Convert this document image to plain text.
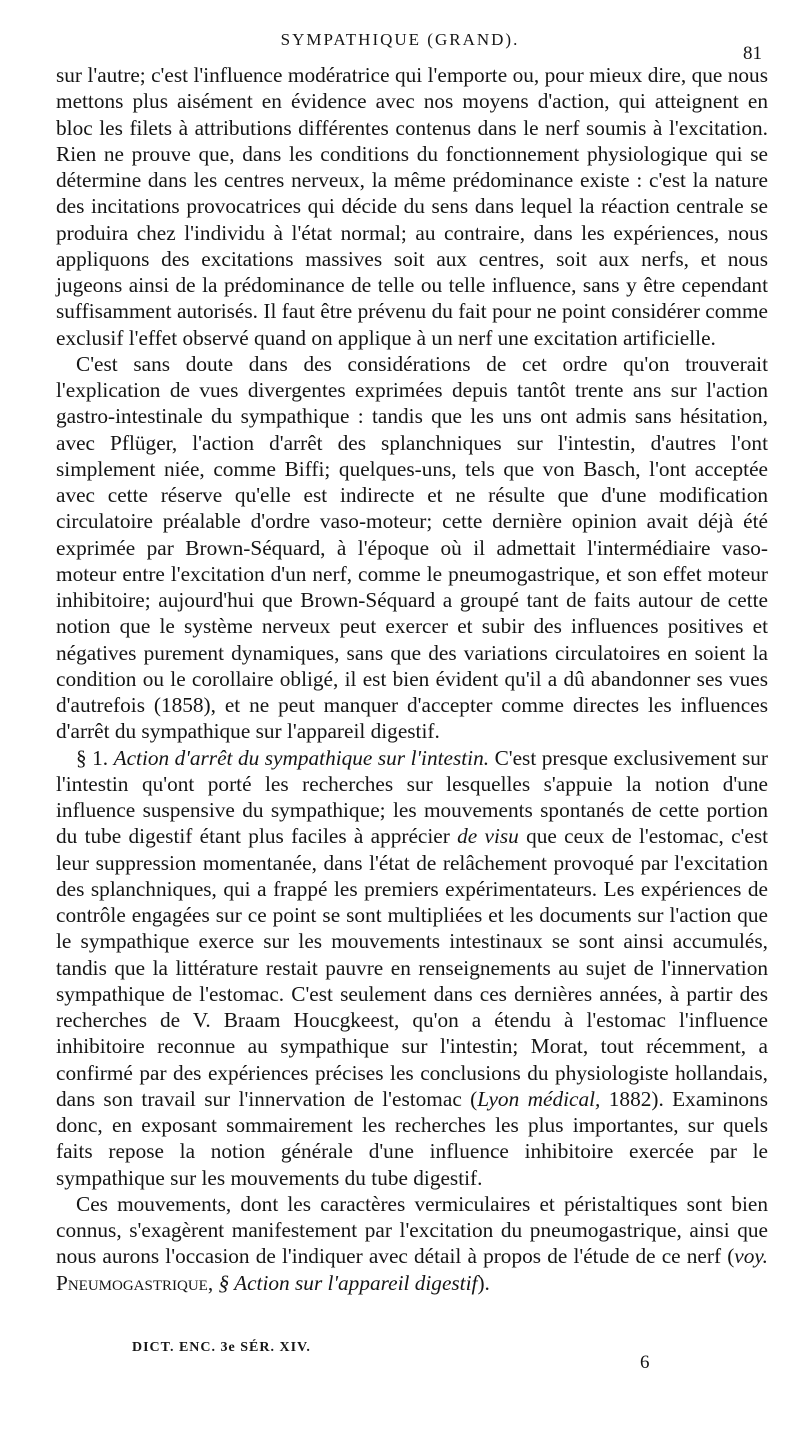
SYMPATHIQUE (GRAND).
81

sur l'autre; c'est l'influence modératrice qui l'emporte ou, pour mieux dire, que nous mettons plus aisément en évidence avec nos moyens d'action, qui atteignent en bloc les filets à attributions différentes contenus dans le nerf soumis à l'excitation. Rien ne prouve que, dans les conditions du fonctionnement physiologique qui se détermine dans les centres nerveux, la même prédominance existe : c'est la nature des incitations provocatrices qui décide du sens dans lequel la réaction centrale se produira chez l'individu à l'état normal; au contraire, dans les expériences, nous appliquons des excitations massives soit aux centres, soit aux nerfs, et nous jugeons ainsi de la prédominance de telle ou telle influence, sans y être cependant suffisamment autorisés. Il faut être prévenu du fait pour ne point considérer comme exclusif l'effet observé quand on applique à un nerf une excitation artificielle.

C'est sans doute dans des considérations de cet ordre qu'on trouverait l'explication de vues divergentes exprimées depuis tantôt trente ans sur l'action gastro-intestinale du sympathique : tandis que les uns ont admis sans hésitation, avec Pflüger, l'action d'arrêt des splanchniques sur l'intestin, d'autres l'ont simplement niée, comme Biffi; quelques-uns, tels que von Basch, l'ont acceptée avec cette réserve qu'elle est indirecte et ne résulte que d'une modification circulatoire préalable d'ordre vaso-moteur; cette dernière opinion avait déjà été exprimée par Brown-Séquard, à l'époque où il admettait l'intermédiaire vaso-moteur entre l'excitation d'un nerf, comme le pneumogastrique, et son effet moteur inhibitoire; aujourd'hui que Brown-Séquard a groupé tant de faits autour de cette notion que le système nerveux peut exercer et subir des influences positives et négatives purement dynamiques, sans que des variations circulatoires en soient la condition ou le corollaire obligé, il est bien évident qu'il a dû abandonner ses vues d'autrefois (1858), et ne peut manquer d'accepter comme directes les influences d'arrêt du sympathique sur l'appareil digestif.

§ 1. Action d'arrêt du sympathique sur l'intestin. C'est presque exclusivement sur l'intestin qu'ont porté les recherches sur lesquelles s'appuie la notion d'une influence suspensive du sympathique; les mouvements spontanés de cette portion du tube digestif étant plus faciles à apprécier de visu que ceux de l'estomac, c'est leur suppression momentanée, dans l'état de relâchement provoqué par l'excitation des splanchniques, qui a frappé les premiers expérimentateurs. Les expériences de contrôle engagées sur ce point se sont multipliées et les documents sur l'action que le sympathique exerce sur les mouvements intestinaux se sont ainsi accumulés, tandis que la littérature restait pauvre en renseignements au sujet de l'innervation sympathique de l'estomac. C'est seulement dans ces dernières années, à partir des recherches de V. Braam Houcgkeest, qu'on a étendu à l'estomac l'influence inhibitoire reconnue au sympathique sur l'intestin; Morat, tout récemment, a confirmé par des expériences précises les conclusions du physiologiste hollandais, dans son travail sur l'innervation de l'estomac (Lyon médical, 1882). Examinons donc, en exposant sommairement les recherches les plus importantes, sur quels faits repose la notion générale d'une influence inhibitoire exercée par le sympathique sur les mouvements du tube digestif.

Ces mouvements, dont les caractères vermiculaires et péristaltiques sont bien connus, s'exagèrent manifestement par l'excitation du pneumogastrique, ainsi que nous aurons l'occasion de l'indiquer avec détail à propos de l'étude de ce nerf (voy. Pneumogastrique, § Action sur l'appareil digestif).

DICT. ENC. 3e SÉR. XIV.
6
